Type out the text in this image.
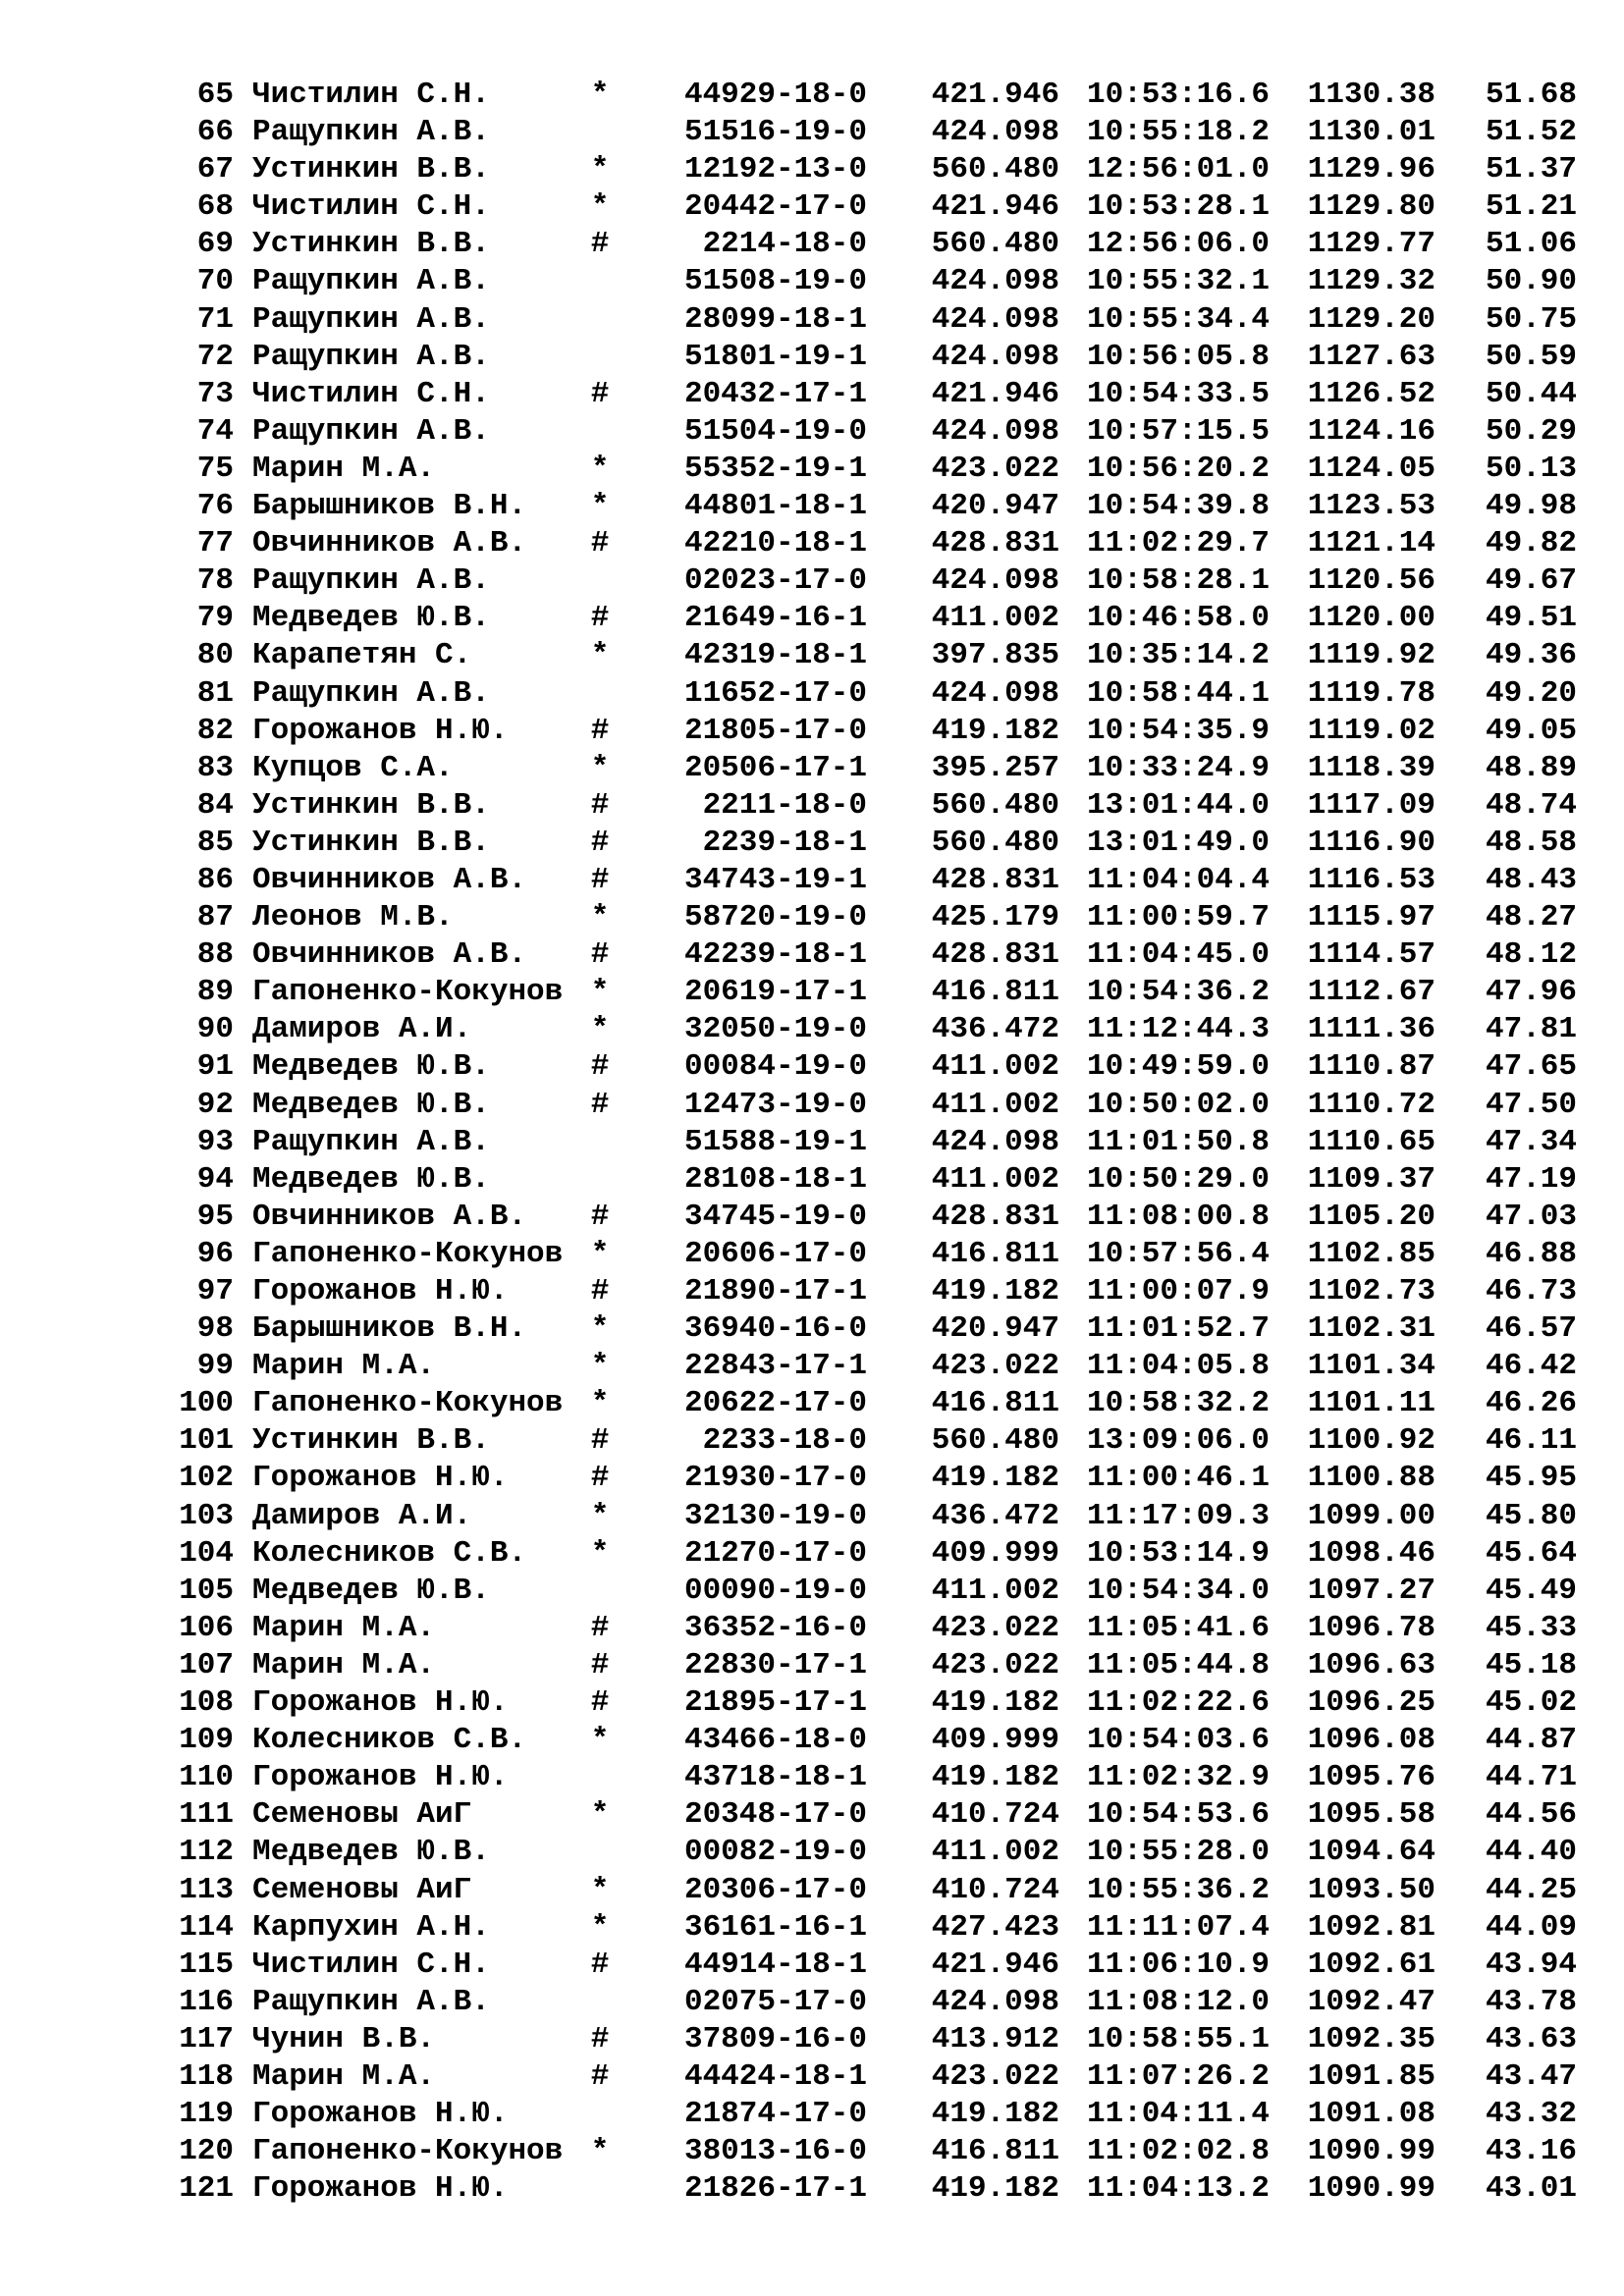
65 Чистилин С.Н.	* 44929-18-0 421.946 10:53:16.6 1130.38 51.68
66 Ращупкин А.В.	51516-19-0 424.098 10:55:18.2 1130.01 51.52
67 Устинкин В.В.	* 12192-13-0 560.480 12:56:01.0 1129.96 51.37
68 Чистилин С.Н.	* 20442-17-0 421.946 10:53:28.1 1129.80 51.21
69 Устинкин В.В.	#	2214-18-0 560.480 12:56:06.0 1129.77 51.06
70 Ращупкин А.В.	51508-19-0 424.098 10:55:32.1 1129.32 50.90
71 Ращупкин А.В.	28099-18-1 424.098 10:55:34.4 1129.20 50.75
72 Ращупкин А.В.	51801-19-1 424.098 10:56:05.8 1127.63 50.59
73 Чистилин С.Н.	# 20432-17-1 421.946 10:54:33.5 1126.52 50.44
74 Ращупкин А.В.	51504-19-0 424.098 10:57:15.5 1124.16 50.29
75 Марин М.А.	* 55352-19-1 423.022 10:56:20.2 1124.05 50.13
76 Барышников В.Н. * 44801-18-1 420.947 10:54:39.8 1123.53 49.98
77 Овчинников А.В. # 42210-18-1 428.831 11:02:29.7 1121.14 49.82
78 Ращупкин А.В.	02023-17-0 424.098 10:58:28.1 1120.56 49.67
79 Медведев Ю.В.	# 21649-16-1 411.002 10:46:58.0 1120.00 49.51
80 Карапетян С.	* 42319-18-1 397.835 10:35:14.2 1119.92 49.36
81 Ращупкин А.В.	11652-17-0 424.098 10:58:44.1 1119.78 49.20
82 Горожанов Н.Ю.	# 21805-17-0 419.182 10:54:35.9 1119.02 49.05
83 Купцов С.А.	* 20506-17-1 395.257 10:33:24.9 1118.39 48.89
84 Устинкин В.В.	#	2211-18-0 560.480 13:01:44.0 1117.09 48.74
85 Устинкин В.В.	#	2239-18-1 560.480 13:01:49.0 1116.90 48.58
86 Овчинников А.В. # 34743-19-1 428.831 11:04:04.4 1116.53 48.43
87 Леонов М.В.	* 58720-19-0 425.179 11:00:59.7 1115.97 48.27
88 Овчинников А.В. # 42239-18-1 428.831 11:04:45.0 1114.57 48.12
89 Гапоненко-Кокунов * 20619-17-1 416.811 10:54:36.2 1112.67 47.96
90 Дамиров А.И.	* 32050-19-0 436.472 11:12:44.3 1111.36 47.81
91 Медведев Ю.В.	# 00084-19-0 411.002 10:49:59.0 1110.87 47.65
92 Медведев Ю.В.	# 12473-19-0 411.002 10:50:02.0 1110.72 47.50
93 Ращупкин А.В.	51588-19-1 424.098 11:01:50.8 1110.65 47.34
94 Медведев Ю.В.	28108-18-1 411.002 10:50:29.0 1109.37 47.19
95 Овчинников А.В. # 34745-19-0 428.831 11:08:00.8 1105.20 47.03
96 Гапоненко-Кокунов * 20606-17-0 416.811 10:57:56.4 1102.85 46.88
97 Горожанов Н.Ю.	# 21890-17-1 419.182 11:00:07.9 1102.73 46.73
98 Барышников В.Н. * 36940-16-0 420.947 11:01:52.7 1102.31 46.57
99 Марин М.А.	* 22843-17-1 423.022 11:04:05.8 1101.34 46.42
100 Гапоненко-Кокунов * 20622-17-0 416.811 10:58:32.2 1101.11 46.26
101 Устинкин В.В.	#	2233-18-0 560.480 13:09:06.0 1100.92 46.11
102 Горожанов Н.Ю.	# 21930-17-0 419.182 11:00:46.1 1100.88 45.95
103 Дамиров А.И.	* 32130-19-0 436.472 11:17:09.3 1099.00 45.80
104 Колесников С.В. * 21270-17-0 409.999 10:53:14.9 1098.46 45.64
105 Медведев Ю.В.	00090-19-0 411.002 10:54:34.0 1097.27 45.49
106 Марин М.А.	# 36352-16-0 423.022 11:05:41.6 1096.78 45.33
107 Марин М.А.	# 22830-17-1 423.022 11:05:44.8 1096.63 45.18
108 Горожанов Н.Ю.	# 21895-17-1 419.182 11:02:22.6 1096.25 45.02
109 Колесников С.В. * 43466-18-0 409.999 10:54:03.6 1096.08 44.87
110 Горожанов Н.Ю.	43718-18-1 419.182 11:02:32.9 1095.76 44.71
111 Семеновы АиГ	* 20348-17-0 410.724 10:54:53.6 1095.58 44.56
112 Медведев Ю.В.	00082-19-0 411.002 10:55:28.0 1094.64 44.40
113 Семеновы АиГ	* 20306-17-0 410.724 10:55:36.2 1093.50 44.25
114 Карпухин А.Н.	* 36161-16-1 427.423 11:11:07.4 1092.81 44.09
115 Чистилин С.Н.	# 44914-18-1 421.946 11:06:10.9 1092.61 43.94
116 Ращупкин А.В.	02075-17-0 424.098 11:08:12.0 1092.47 43.78
117 Чунин В.В.	# 37809-16-0 413.912 10:58:55.1 1092.35 43.63
118 Марин М.А.	# 44424-18-1 423.022 11:07:26.2 1091.85 43.47
119 Горожанов Н.Ю.	21874-17-0 419.182 11:04:11.4 1091.08 43.32
120 Гапоненко-Кокунов * 38013-16-0 416.811 11:02:02.8 1090.99 43.16
121 Горожанов Н.Ю.	21826-17-1 419.182 11:04:13.2 1090.99 43.01
